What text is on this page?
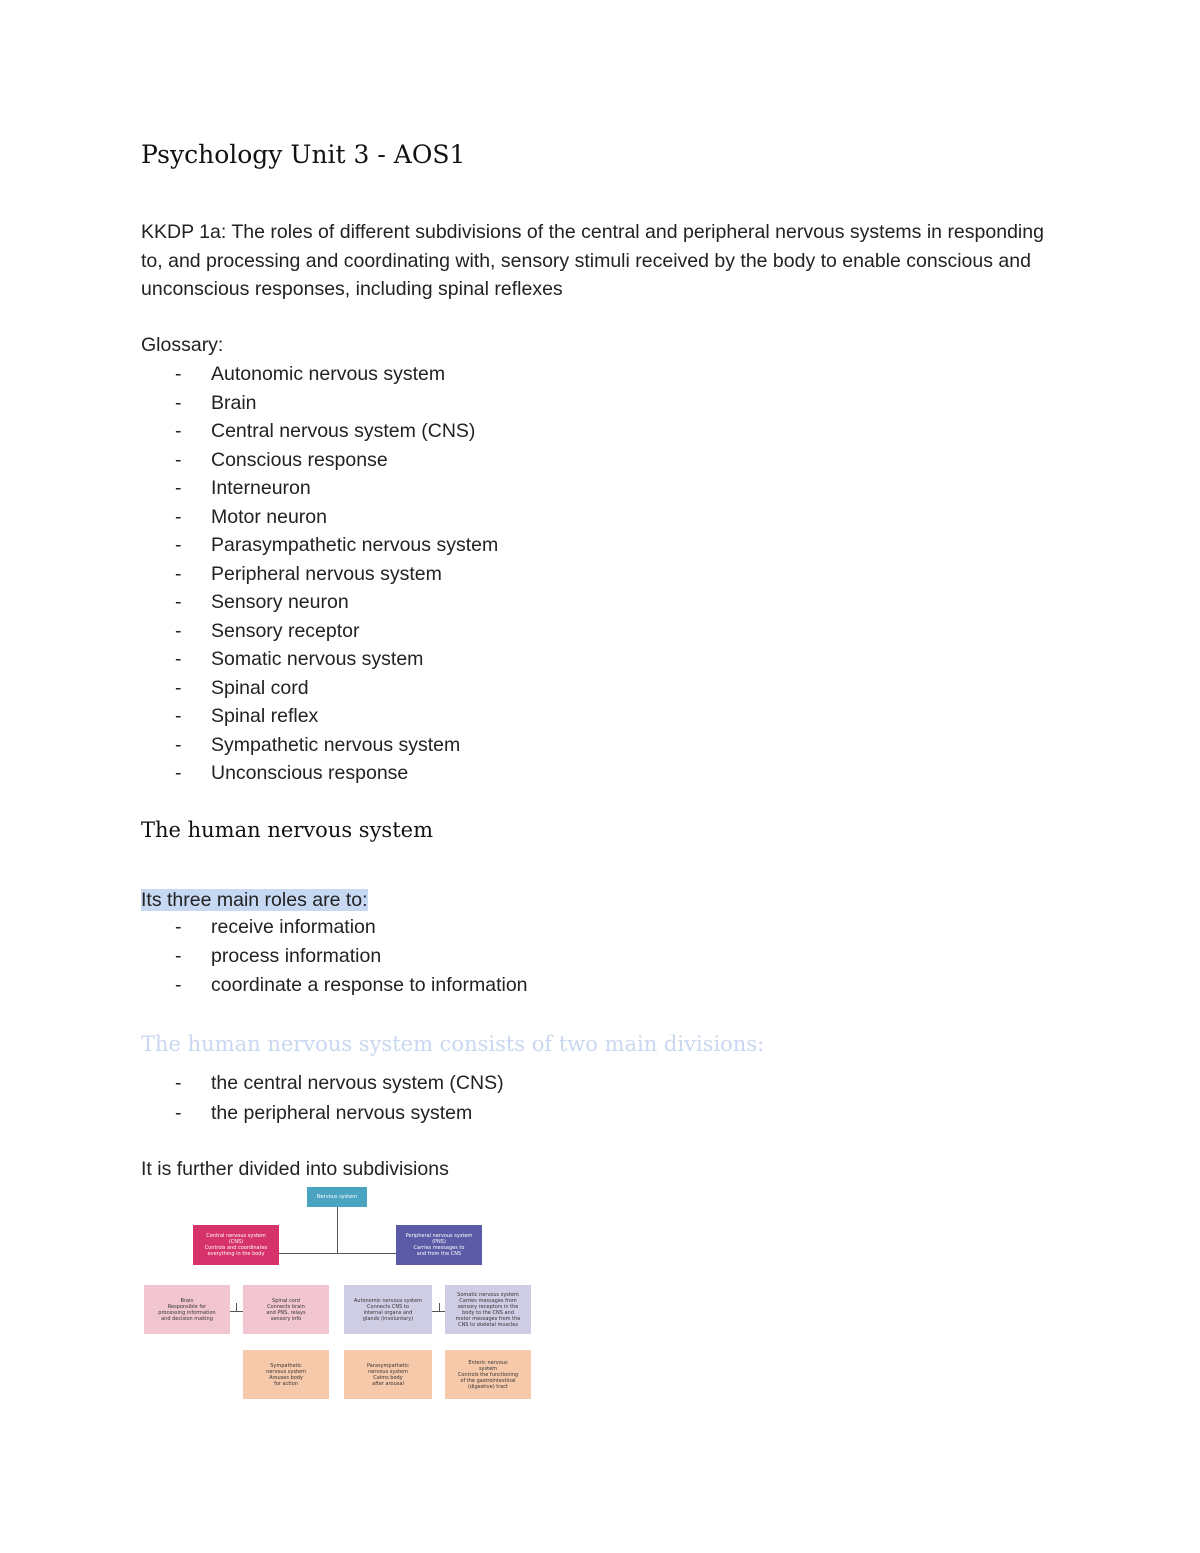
Psychology Unit 3 - AOS1

KKDP 1a: The roles of different subdivisions of the central and peripheral nervous systems in responding to, and processing and coordinating with, sensory stimuli received by the body to enable conscious and unconscious responses, including spinal reflexes

Glossary:

- Autonomic nervous system
- Brain
- Central nervous system (CNS)
- Conscious response
- Interneuron
- Motor neuron
- Parasympathetic nervous system
- Peripheral nervous system
- Sensory neuron
- Sensory receptor
- Somatic nervous system
- Spinal cord
- Spinal reflex
- Sympathetic nervous system
- Unconscious response
The human nervous system

Its three main roles are to:

- receive information
- process information
- coordinate a response to information
The human nervous system consists of two main divisions:
- the central nervous system (CNS)
- the peripheral nervous system

It is further divided into subdivisions

Nervous system
Central nervous system
(CNS)
Controls and coordinates
everything in the body
Peripheral nervous system
(PNS)
Carries messages to
and from the CNS
Brain
Responsible for
processing information
and decision making
Spinal cord
Connects brain
and PNS, relays
sensory info
Autonomic nervous system
Connects CNS to
internal organs and
glands (involuntary)
Somatic nervous system
Carries messages from
sensory receptors in the
body to the CNS and
motor messages from the
CNS to skeletal muscles
Sympathetic
nervous system
Arouses body
for action
Parasympathetic
nervous system
Calms body
after arousal
Enteric nervous
system
Controls the functioning
of the gastrointestinal
(digestive) tract
